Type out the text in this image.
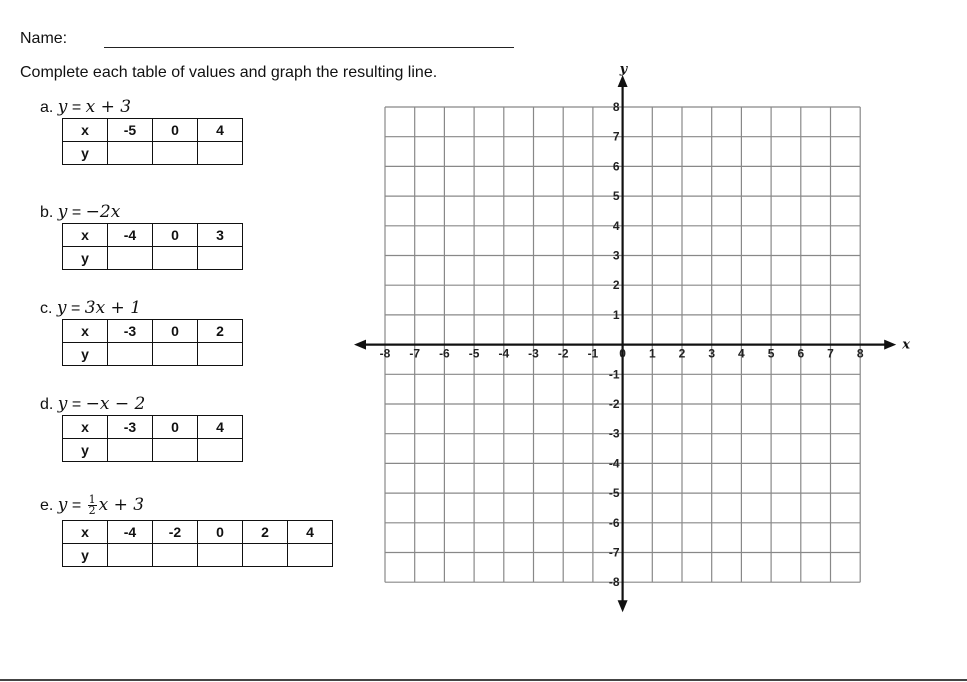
Name:
Complete each table of values and graph the resulting line.
a. y = x + 3
x	-5	0	4
y			
b. y = −2x
x	-4	0	3
y			
c. y = 3x + 1
x	-3	0	2
y			
d. y = −x − 2
x	-3	0	4
y			
e. $y = \frac{1}{2}$ x + 3
x	-4	-2	0	2	4
y					
x
y
-8 -7 -6 -5 -4 -3 -2 -1 0 1 2 3 4 5 6 7 8
8
7
6
5
4
3
2
1
-1
-2
-3
-4
-5
-6
-7
-8
